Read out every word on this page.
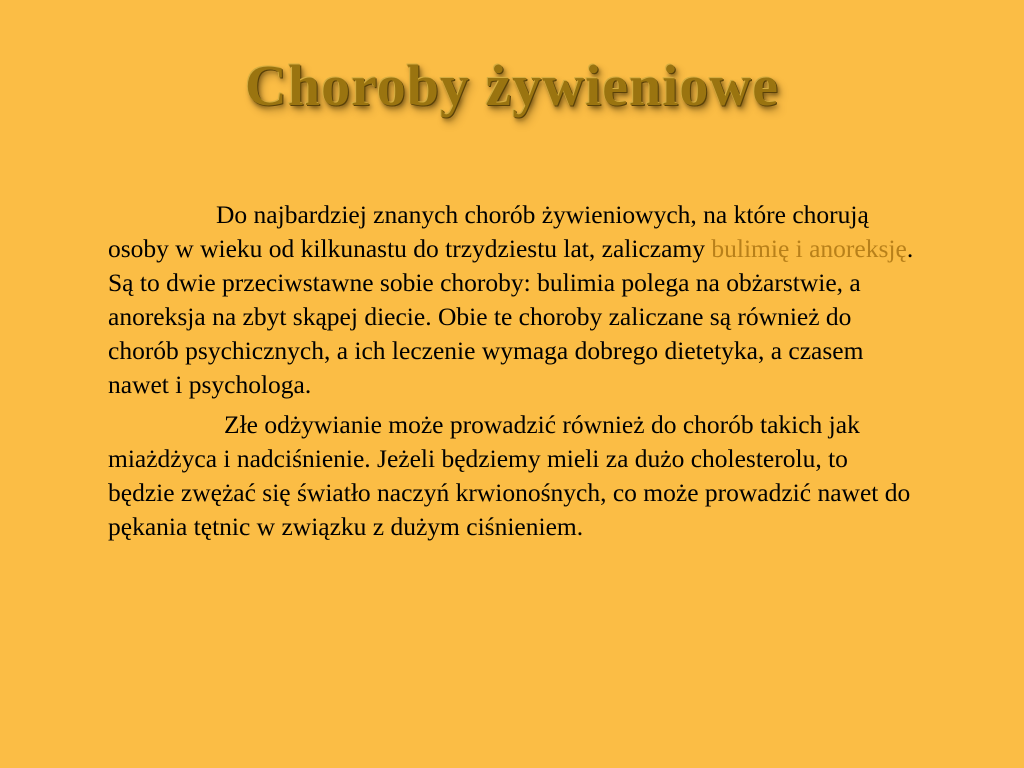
Choroby żywieniowe

Do najbardziej znanych chorób żywieniowych, na które chorują osoby w wieku od kilkunastu do trzydziestu lat, zaliczamy bulimię i anoreksję. Są to dwie przeciwstawne sobie choroby: bulimia polega na obżarstwie, a anoreksja na zbyt skąpej diecie. Obie te choroby zaliczane są również do chorób psychicznych, a ich leczenie wymaga dobrego dietetyka, a czasem nawet i psychologa.

Złe odżywianie może prowadzić również do chorób takich jak miażdżyca i nadciśnienie. Jeżeli będziemy mieli za dużo cholesterolu, to będzie zwężać się światło naczyń krwionośnych, co może prowadzić nawet do pękania tętnic w związku z dużym ciśnieniem.
